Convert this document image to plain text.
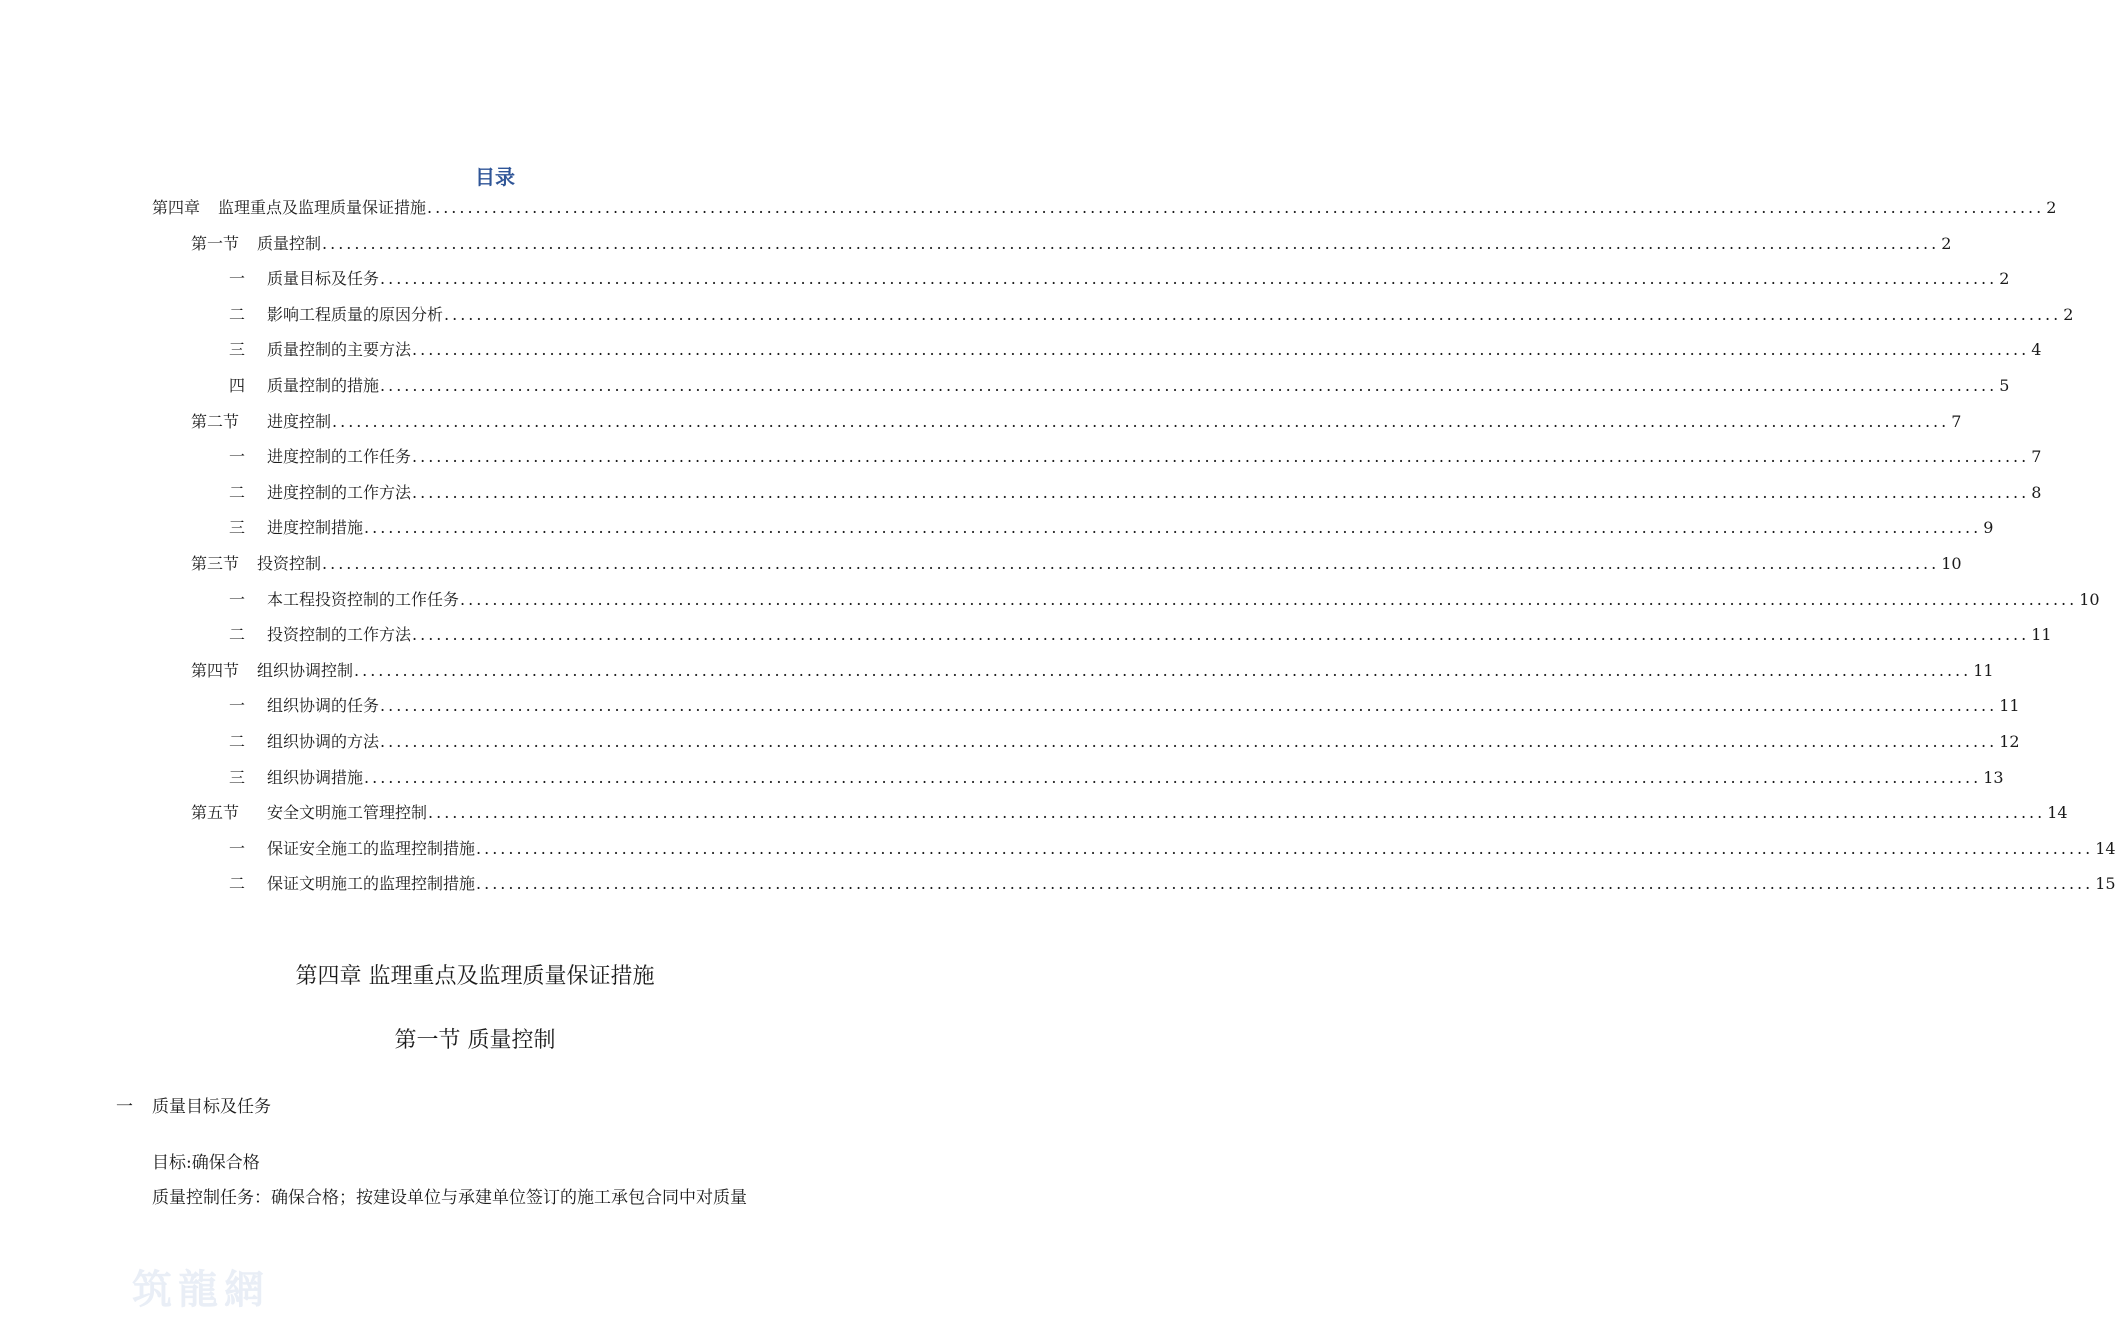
目录
第四章 监理重点及监理质量保证措施 ........................................................................................................................................................................................................ 2
第一节 质量控制 ........................................................................................................................................................................................................ 2
一 质量目标及任务 ........................................................................................................................................................................................................ 2
二 影响工程质量的原因分析 ........................................................................................................................................................................................................ 2
三 质量控制的主要方法 ........................................................................................................................................................................................................ 4
四 质量控制的措施 ........................................................................................................................................................................................................ 5
第二节 进度控制 ........................................................................................................................................................................................................ 7
一 进度控制的工作任务 ........................................................................................................................................................................................................ 7
二 进度控制的工作方法 ........................................................................................................................................................................................................ 8
三 进度控制措施 ........................................................................................................................................................................................................ 9
第三节 投资控制 ........................................................................................................................................................................................................ 10
一 本工程投资控制的工作任务 ........................................................................................................................................................................................................ 10
二 投资控制的工作方法 ........................................................................................................................................................................................................ 11
第四节 组织协调控制 ........................................................................................................................................................................................................ 11
一 组织协调的任务 ........................................................................................................................................................................................................ 11
二 组织协调的方法 ........................................................................................................................................................................................................ 12
三 组织协调措施 ........................................................................................................................................................................................................ 13
第五节 安全文明施工管理控制 ........................................................................................................................................................................................................ 14
一 保证安全施工的监理控制措施 ........................................................................................................................................................................................................ 14
二 保证文明施工的监理控制措施 ........................................................................................................................................................................................................ 15
第四章 监理重点及监理质量保证措施
第一节 质量控制
一 质量目标及任务
目标:确保合格
质量控制任务：确保合格；按建设单位与承建单位签订的施工承包合同中对质量
筑龍網
